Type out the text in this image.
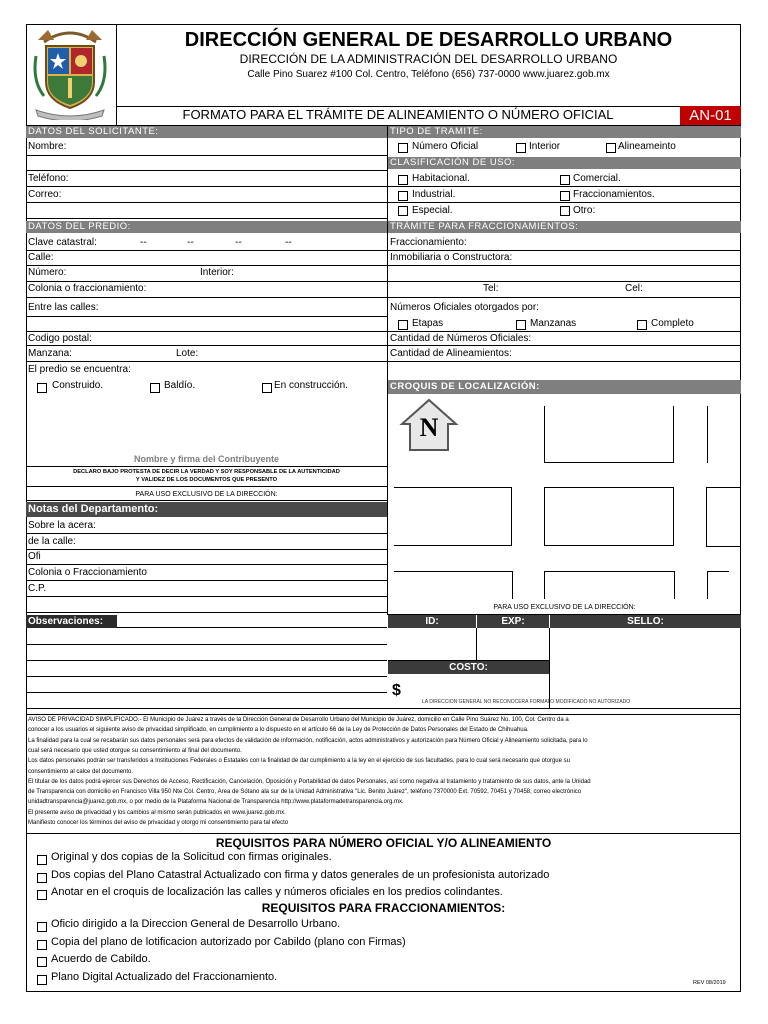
DIRECCIÓN GENERAL DE DESARROLLO URBANO
DIRECCIÓN DE LA ADMINISTRACIÓN DEL DESARROLLO URBANO
Calle Pino Suarez #100 Col. Centro, Teléfono (656) 737-0000 www.juarez.gob.mx
FORMATO PARA EL TRÁMITE DE ALINEAMIENTO O NÚMERO OFICIAL	AN-01
DATOS DEL SOLICITANTE:
Nombre:
Teléfono:
Correo:
DATOS DEL PREDIO:
Clave catastral:	--	--	--	--
Calle:
Número:	Interior:
Colonia o fraccionamiento:
Entre las calles:
Codigo postal:
Manzana:	Lote:
El predio se encuentra:
Construido.	Baldío.	En construcción.
Nombre y firma del Contribuyente
DECLARO BAJO PROTESTA DE DECIR LA VERDAD Y SOY RESPONSABLE DE LA AUTENTICIDAD
Y VALIDEZ DE LOS DOCUMENTOS QUE PRESENTO
PARA USO EXCLUSIVO DE LA DIRECCIÓN:
Notas del Departamento:
Sobre la acera:
de la calle:
Ofi
Colonia o Fraccionamiento
C.P.
Observaciones:
TIPO DE TRAMITE:
Número Oficial	Interior	Alineameinto
CLASIFICACIÓN DE USO:
Habitacional.	Comercial.
Industrial.	Fraccionamientos.
Especial.	Otro:
TRÁMITE PARA FRACCIONAMIENTOS:
Fraccionamiento:
Inmobiliaria o Constructora:
Tel:	Cel:
Números Oficiales otorgados por:
Etapas	Manzanas	Completo
Cantidad de Números Oficiales:
Cantidad de Alineamientos:
CROQUIS DE LOCALIZACIÓN:
N
PARA USO EXCLUSIVO DE LA DIRECCIÓN:
ID:	EXP:	SELLO:
COSTO:
$
LA DIRECCION GENERAL NO RECONOCERA FORMATO MODIFICADO NO AUTORIZADO
AVISO DE PRIVACIDAD SIMPLIFICADO.- El Municipio de Juárez a través de la Dirección General de Desarrollo Urbano del Municipio de Juárez, domicilio en Calle Pino Suárez No. 100, Col. Centro da a
conocer a los usuarios el siguiente aviso de privacidad simplificado, en cumplimiento a lo dispuesto en el artículo 66 de la Ley de Protección de Datos Personales del Estado de Chihuahua.
La finalidad para la cual se recabarán sus datos personales será para efectos de validación de información, notificación, actos administrativos y autorización para Número Oficial y Alineamiento solicitada, para lo
cual será necesario que usted otorgue su consentimiento al final del documento.
Los datos personales podrán ser transferidos a Instituciones Federales o Estatales con la finalidad de dar cumplimiento a la ley en el ejercicio de sus facultades, para lo cual será necesario que otorgue su
consentimiento al calce del documento.
El titular de los datos podrá ejercer sus Derechos de Acceso, Rectificación, Cancelación, Oposición y Portabilidad de datos Personales, así como negativa al tratamiento y tratamiento de sus datos, ante la Unidad
de Transparencia con domicilio en Francisco Villa 950 Nte Col. Centro, Área de Sótano ala sur de la Unidad Administrativa "Lic. Benito Juárez", teléfono 7370000 Ext. 70592, 70451 y 70458, correo electrónico
unidadtransparencia@juarez.gob.mx, o por medio de la Plataforma Nacional de Transparencia http://www.plataformadetransparencia.org.mx.
El presente aviso de privacidad y los cambios al mismo serán publicados en www.juarez.gob.mx.
Manifiesto conocer los términos del aviso de privacidad y otorgo mi consentimiento para tal efecto
REQUISITOS PARA NÚMERO OFICIAL Y/O ALINEAMIENTO
Original y dos copias de la Solicitud con firmas originales.
Dos copias del Plano Catastral Actualizado con firma y datos generales de un profesionista autorizado
Anotar en el croquis de localización las calles y números oficiales en los predios colindantes.
REQUISITOS PARA FRACCIONAMIENTOS:
Oficio dirigido a la Direccion General de Desarrollo Urbano.
Copia del plano de lotificacion autorizado por Cabildo (plano con Firmas)
Acuerdo de Cabildo.
Plano Digital Actualizado del Fraccionamiento.
REV 08/2019
